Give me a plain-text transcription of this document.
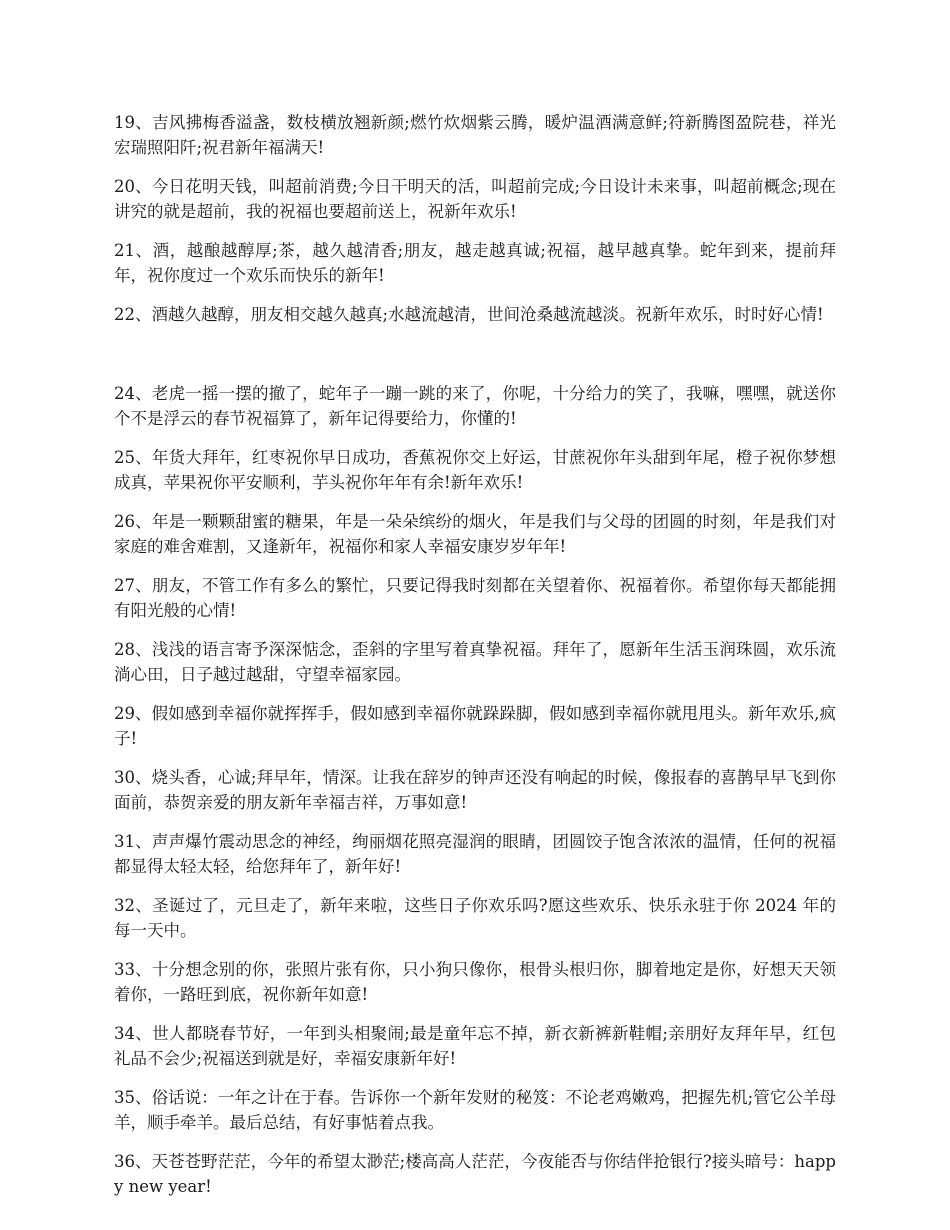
19、吉风拂梅香溢盏，数枝横放翘新颜;燃竹炊烟紫云腾，暖炉温酒满意鲜;符新腾图盈院巷，祥光宏瑞照阳阡;祝君新年福满天!

20、今日花明天钱，叫超前消费;今日干明天的活，叫超前完成;今日设计未来事，叫超前概念;现在讲究的就是超前，我的祝福也要超前送上，祝新年欢乐!

21、酒，越酿越醇厚;茶，越久越清香;朋友，越走越真诚;祝福，越早越真挚。蛇年到来，提前拜年，祝你度过一个欢乐而快乐的新年!

22、酒越久越醇，朋友相交越久越真;水越流越清，世间沧桑越流越淡。祝新年欢乐，时时好心情!

24、老虎一摇一摆的撤了，蛇年子一蹦一跳的来了，你呢，十分给力的笑了，我嘛，嘿嘿，就送你个不是浮云的春节祝福算了，新年记得要给力，你懂的!

25、年货大拜年，红枣祝你早日成功，香蕉祝你交上好运，甘蔗祝你年头甜到年尾，橙子祝你梦想成真，苹果祝你平安顺利，芋头祝你年年有余!新年欢乐!

26、年是一颗颗甜蜜的糖果，年是一朵朵缤纷的烟火，年是我们与父母的团圆的时刻，年是我们对家庭的难舍难割，又逢新年，祝福你和家人幸福安康岁岁年年!

27、朋友，不管工作有多么的繁忙，只要记得我时刻都在关望着你、祝福着你。希望你每天都能拥有阳光般的心情!

28、浅浅的语言寄予深深惦念，歪斜的字里写着真挚祝福。拜年了，愿新年生活玉润珠圆，欢乐流淌心田，日子越过越甜，守望幸福家园。

29、假如感到幸福你就挥挥手，假如感到幸福你就跺跺脚，假如感到幸福你就甩甩头。新年欢乐,疯子!

30、烧头香，心诚;拜早年，情深。让我在辞岁的钟声还没有响起的时候，像报春的喜鹊早早飞到你面前，恭贺亲爱的朋友新年幸福吉祥，万事如意!

31、声声爆竹震动思念的神经，绚丽烟花照亮湿润的眼睛，团圆饺子饱含浓浓的温情，任何的祝福都显得太轻太轻，给您拜年了，新年好!

32、圣诞过了，元旦走了，新年来啦，这些日子你欢乐吗?愿这些欢乐、快乐永驻于你 2024 年的每一天中。

33、十分想念别的你，张照片张有你，只小狗只像你，根骨头根归你，脚着地定是你，好想天天领着你，一路旺到底，祝你新年如意!

34、世人都晓春节好，一年到头相聚闹;最是童年忘不掉，新衣新裤新鞋帽;亲朋好友拜年早，红包礼品不会少;祝福送到就是好，幸福安康新年好!

35、俗话说：一年之计在于春。告诉你一个新年发财的秘笈：不论老鸡嫩鸡，把握先机;管它公羊母羊，顺手牵羊。最后总结，有好事惦着点我。

36、天苍苍野茫茫，今年的希望太渺茫;楼高高人茫茫，今夜能否与你结伴抢银行?接头暗号：happy new year!
